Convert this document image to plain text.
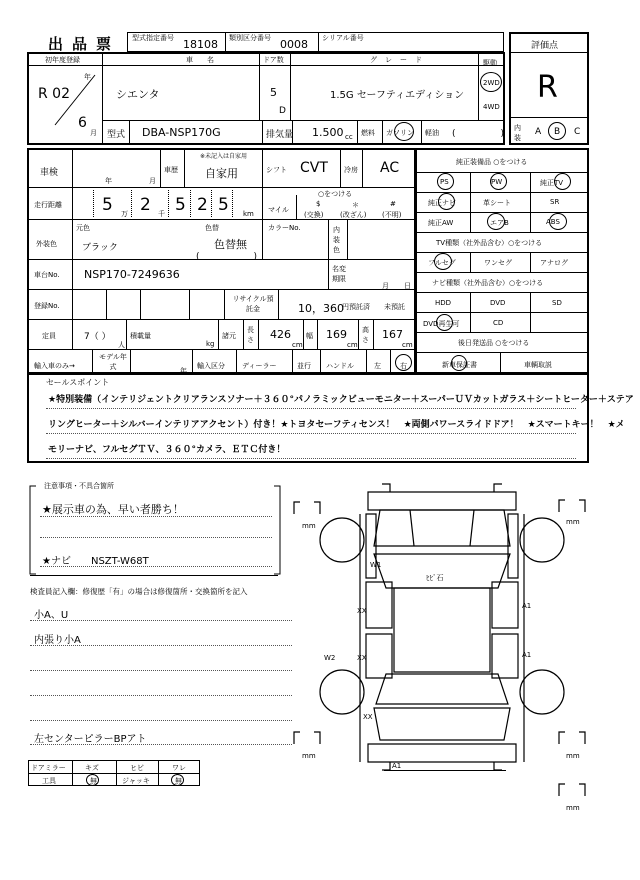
出品票 型式指定番号 18108 類別区分番号 0008 シリアル番号
評価点
R
内装
A B C
初年度登録
R 02
年
6
月
車名
シエンタ
ドア数
5
D
グレード
1.5G セーフティエディション
駆動
2WD
4WD
型式 DBA-NSP170G	排気量 1.500 cc 燃料 ガソリン 軽油 (　　　　　)
車検
年	月
車歴
※未記入は自家用
自家用	シフト CVT 冷房 AC
走行距離 5 万 2 千 5 2 5 km マイル
○をつける
$
(交換)
＊
(改ざん)
#
(不明)
外装色
元色
ブラック
色替
色替無
(　　　　　　)
カラーNo.	内装色
車台No. NSP170-7249636	名変期限
月 日
登録No.
リサイクル預託金	10，360
円預託済 未預託
定員	7（ ）
人
積載量
kg
諸元
長さ 426
cm
幅 169
cm
高さ 167
cm
輸入車のみ→
モデル年式	年
輸入区分 ディーラー	並行 ハンドル	左	右
純正装備品 ○をつける
PS	PW	純正TV
純正ナビ	革シート	SR
純正AW	エアB	ABS
TV種類（社外品含む）○をつける
フルセグ	ワンセグ	アナログ
ナビ種類（社外品含む）○をつける
HDD	DVD	SD
DVD再生可	CD
後日発送品 ○をつける
新車保証書	車輌取説
セールスポイント
★特別装備（インテリジェントクリアランスソナー＋３６０°パノラミックビューモニター＋スーパーＵＶカットガラス＋シートヒーター＋ステア
リングヒーター＋シルバーインテリアアクセント）付き！★トヨタセーフティセンス！　★両側パワースライドドア！　★スマートキー！　★メ
モリーナビ、フルセグＴＶ、３６０°カメラ、ＥＴＣ付き！
注意事項・不具合箇所
★展示車の為、早い者勝ち！
★ナビ　　NSZT-W68T
検査員記入欄：修復歴「有」の場合は修復箇所・交換箇所を記入
小A、U
内張り小A
左センターピラーBPアト
ドアミラー	キズ	ヒビ	ワレ
工具	無	ジャッキ	無
mm	mm
mm	mm
mm
W1
ﾋﾋﾞ石
XX
A1
W2	XX	A1
XX
A1
